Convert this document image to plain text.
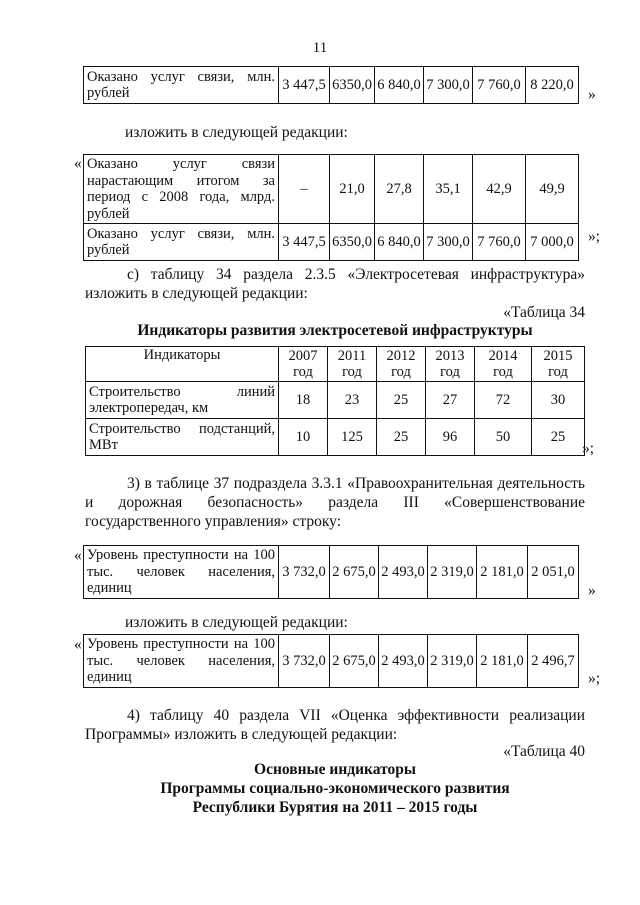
11
Оказано услуг связи, млн. рублей	3 447,5	6350,0	6 840,0	7 300,0	7 760,0	8 220,0
»
изложить в следующей редакции:
« Оказано услуг связи нарастающим итогом за период с 2008 года, млрд. рублей	–	21,0	27,8	35,1	42,9	49,9
Оказано услуг связи, млн. рублей	3 447,5	6350,0	6 840,0	7 300,0	7 760,0	7 000,0 »;
с) таблицу 34 раздела 2.3.5 «Электросетевая инфраструктура» изложить в следующей редакции:
«Таблица 34
Индикаторы развития электросетевой инфраструктуры
Индикаторы	2007 год	2011 год	2012 год	2013 год	2014 год	2015 год
Строительство линий электропередач, км	18	23	25	27	72	30
Строительство подстанций, МВт	10	125	25	96	50	25
»;
3) в таблице 37 подраздела 3.3.1 «Правоохранительная деятельность и дорожная безопасность» раздела III «Совершенствование государственного управления» строку:
« Уровень преступности на 100 тыс. человек населения, единиц	3 732,0	2 675,0	2 493,0	2 319,0	2 181,0	2 051,0
»
изложить в следующей редакции:
« Уровень преступности на 100 тыс. человек населения, единиц	3 732,0	2 675,0	2 493,0	2 319,0	2 181,0	2 496,7
»;
4) таблицу 40 раздела VII «Оценка эффективности реализации Программы» изложить в следующей редакции:
«Таблица 40
Основные индикаторы
Программы социально-экономического развития
Республики Бурятия на 2011 – 2015 годы
